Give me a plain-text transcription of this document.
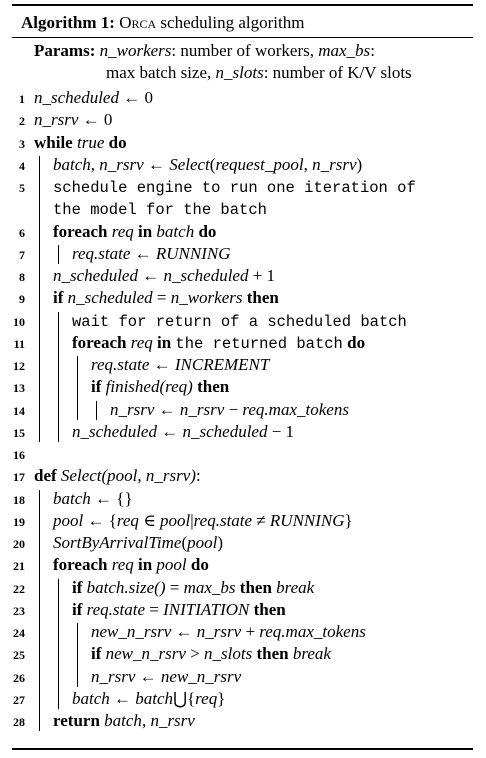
Algorithm 1: Orca scheduling algorithm
Params: n_workers: number of workers, max_bs:
max batch size, n_slots: number of K/V slots
1 n_scheduled ← 0
2 n_rsrv ← 0
3 while true do
4 batch, n_rsrv ← Select(request_pool, n_rsrv)
5 schedule engine to run one iteration of
the model for the batch
6 foreach req in batch do
7	req.state ← RUNNING
8 n_scheduled ← n_scheduled + 1
9 if n_scheduled = n_workers then
10	wait for return of a scheduled batch
11	foreach req in the returned batch do
12	req.state ← INCREMENT
13	if finished(req) then
14	n_rsrv ← n_rsrv − req.max_tokens
15	n_scheduled ← n_scheduled − 1
16
17 def Select(pool, n_rsrv):
18 batch ← {}
19 pool ← {req ∈ pool|req.state ≠ RUNNING}
20 SortByArrivalTime(pool)
21 foreach req in pool do
22	if batch.size() = max_bs then break
23	if req.state = INITIATION then
24	new_n_rsrv ← n_rsrv + req.max_tokens
25	if new_n_rsrv > n_slots then break
26	n_rsrv ← new_n_rsrv
27	batch ← batch⋃{req}
28 return batch, n_rsrv
